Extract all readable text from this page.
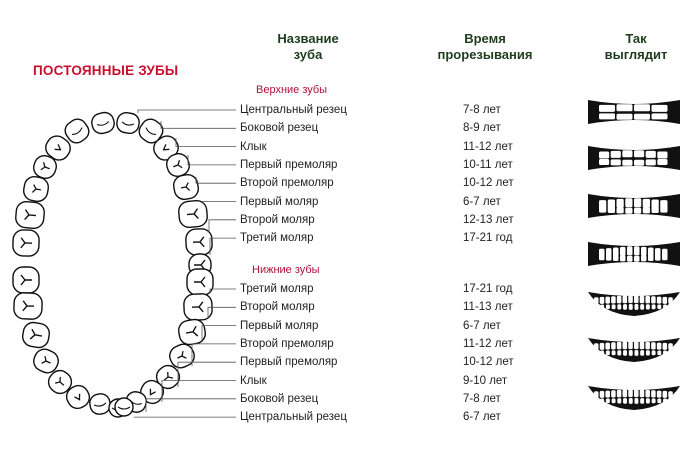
ПОСТОЯННЫЕ ЗУБЫ
Название
зуба
Время
прорезывания
Так
выглядит
Верхние зубы
Нижние зубы
Центральный резец	7-8 лет
Боковой резец	8-9 лет
Клык	11-12 лет
Первый премоляр	10-11 лет
Второй премоляр	10-12 лет
Первый моляр	6-7 лет
Второй моляр	12-13 лет
Третий моляр	17-21 год
Третий моляр	17-21 год
Второй моляр	11-13 лет
Первый моляр	6-7 лет
Второй премоляр	11-12 лет
Первый премоляр	10-12 лет
Клык	9-10 лет
Боковой резец	7-8 лет
Центральный резец	6-7 лет
